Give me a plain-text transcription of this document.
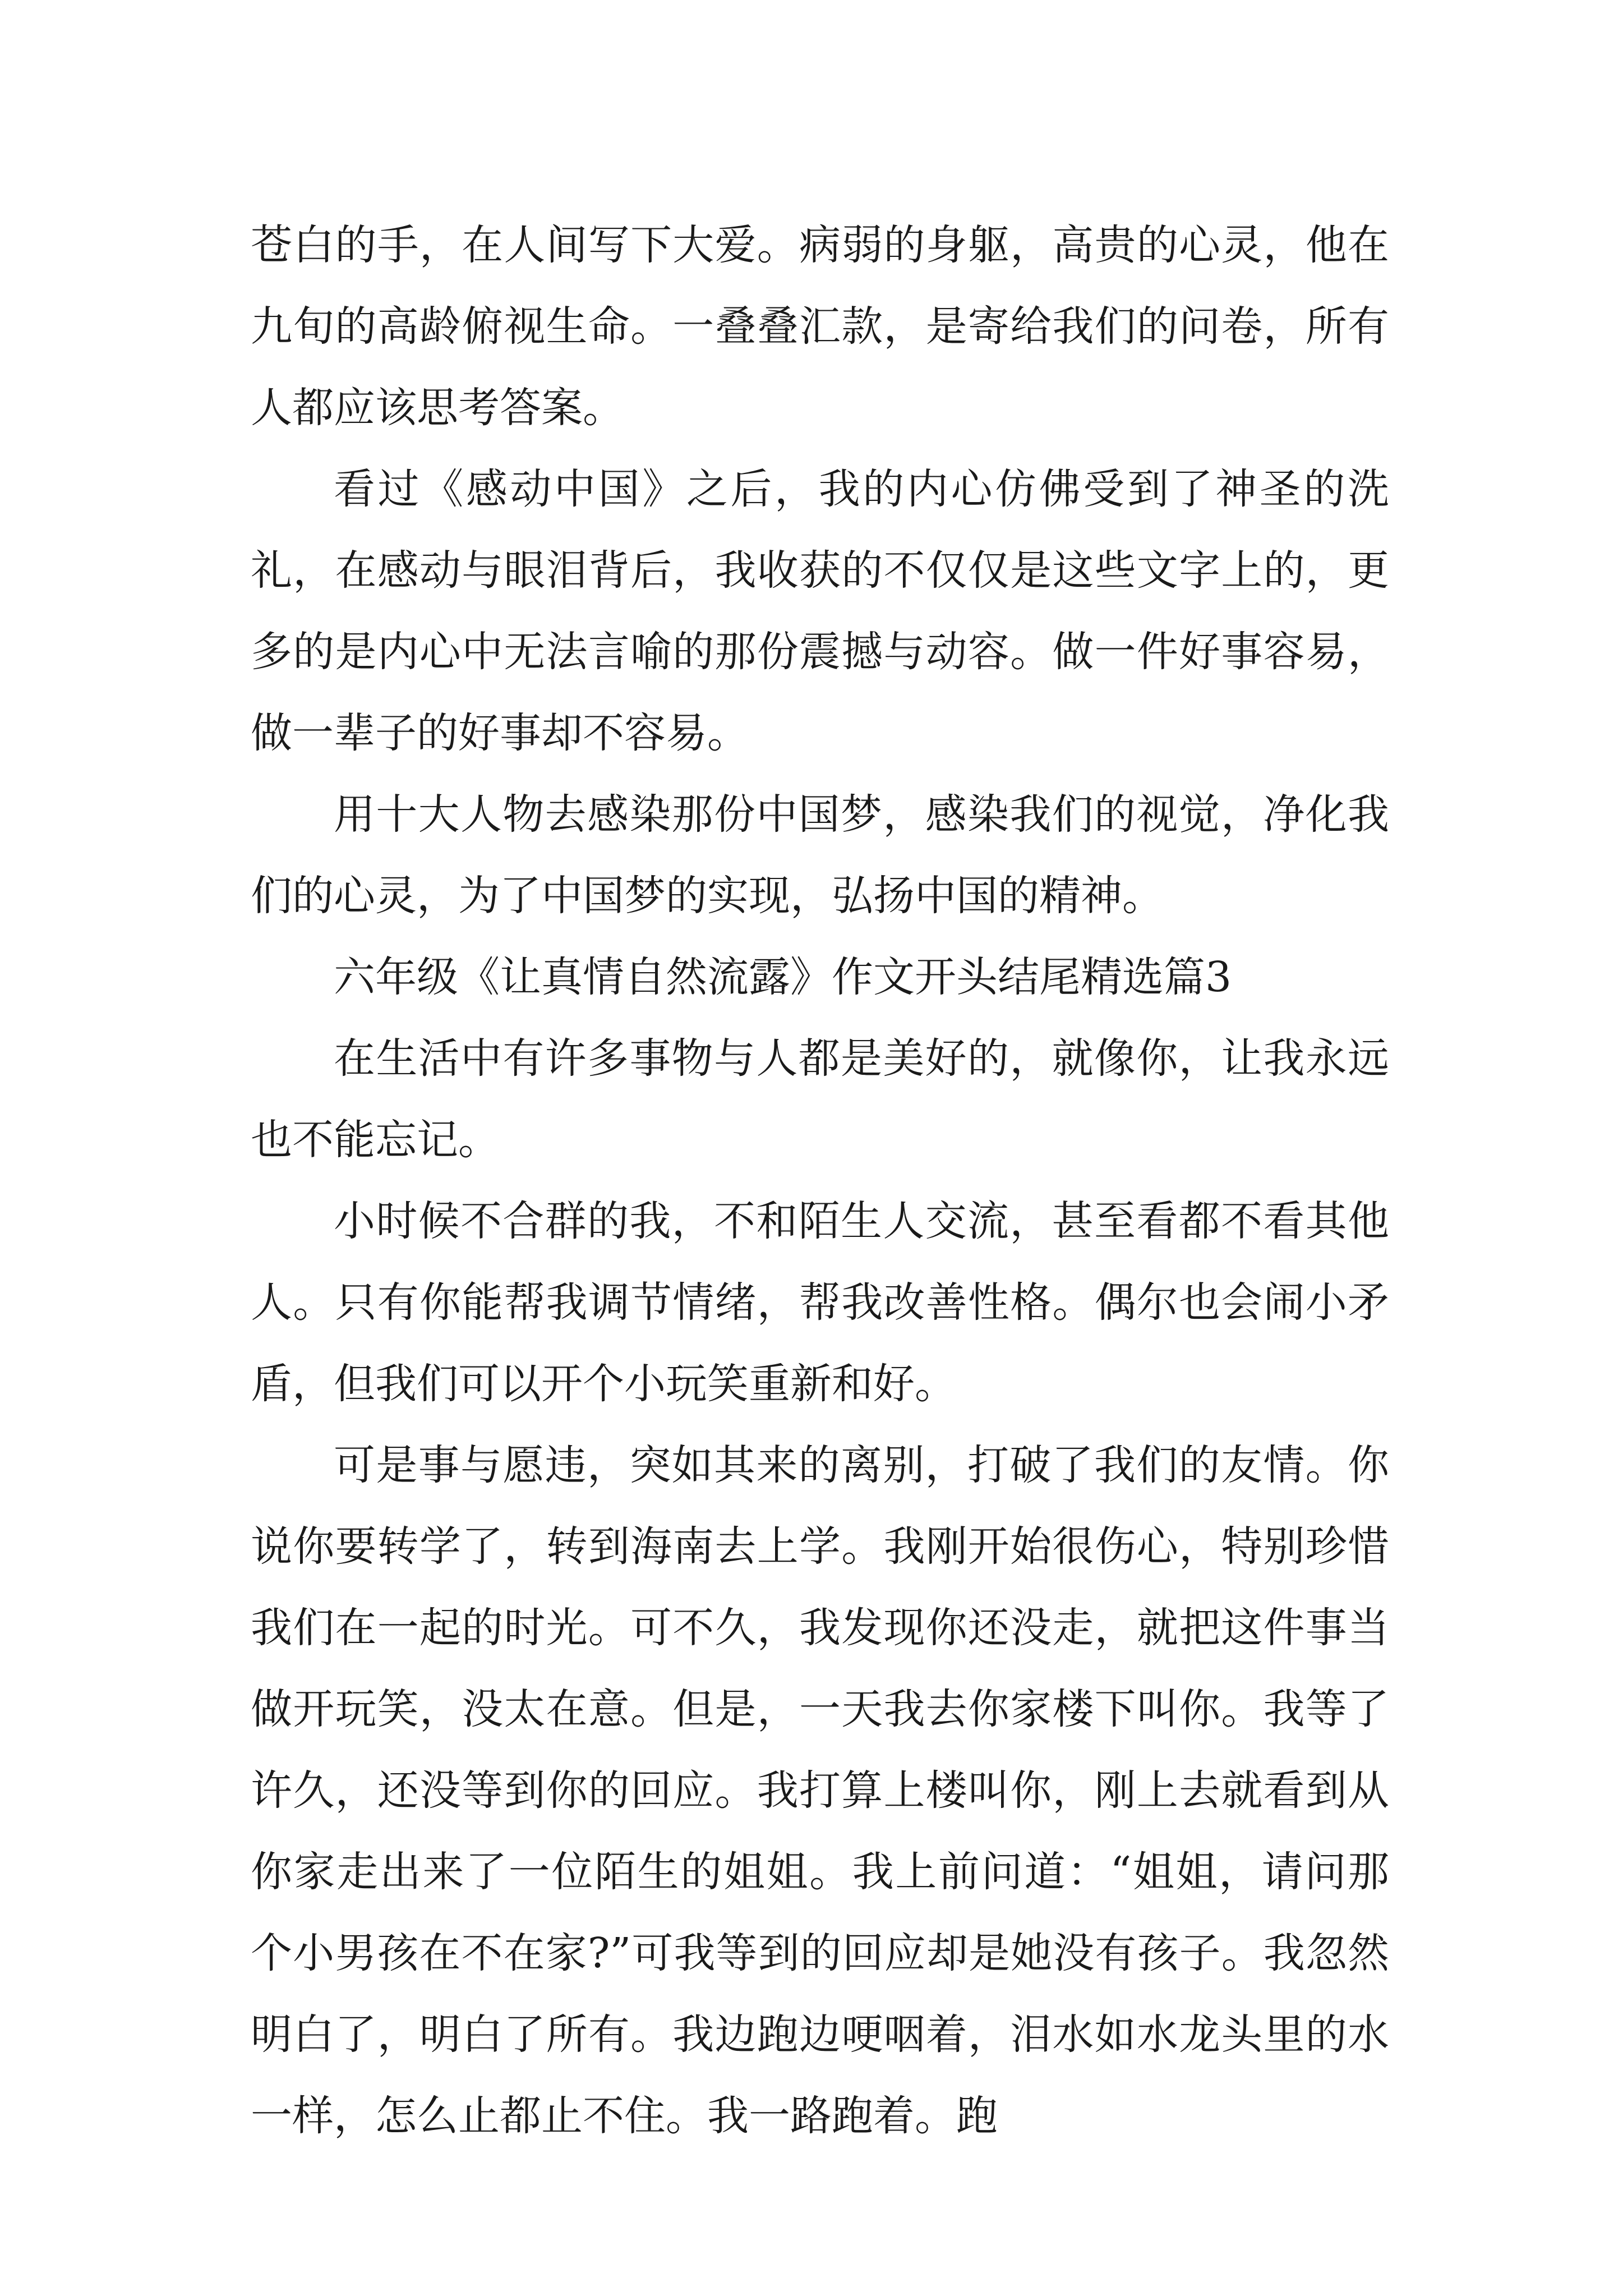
苍白的手，在人间写下大爱。病弱的身躯，高贵的心灵，他在九旬的高龄俯视生命。一叠叠汇款，是寄给我们的问卷，所有人都应该思考答案。

看过《感动中国》之后，我的内心仿佛受到了神圣的洗礼，在感动与眼泪背后，我收获的不仅仅是这些文字上的，更多的是内心中无法言喻的那份震撼与动容。做一件好事容易，做一辈子的好事却不容易。

用十大人物去感染那份中国梦，感染我们的视觉，净化我们的心灵，为了中国梦的实现，弘扬中国的精神。

六年级《让真情自然流露》作文开头结尾精选篇3

在生活中有许多事物与人都是美好的，就像你，让我永远也不能忘记。

小时候不合群的我，不和陌生人交流，甚至看都不看其他人。只有你能帮我调节情绪，帮我改善性格。偶尔也会闹小矛盾，但我们可以开个小玩笑重新和好。

可是事与愿违，突如其来的离别，打破了我们的友情。你说你要转学了，转到海南去上学。我刚开始很伤心，特别珍惜我们在一起的时光。可不久，我发现你还没走，就把这件事当做开玩笑，没太在意。但是，一天我去你家楼下叫你。我等了许久，还没等到你的回应。我打算上楼叫你，刚上去就看到从你家走出来了一位陌生的姐姐。我上前问道：“姐姐，请问那个小男孩在不在家?”可我等到的回应却是她没有孩子。我忽然明白了，明白了所有。我边跑边哽咽着，泪水如水龙头里的水一样，怎么止都止不住。我一路跑着。跑
